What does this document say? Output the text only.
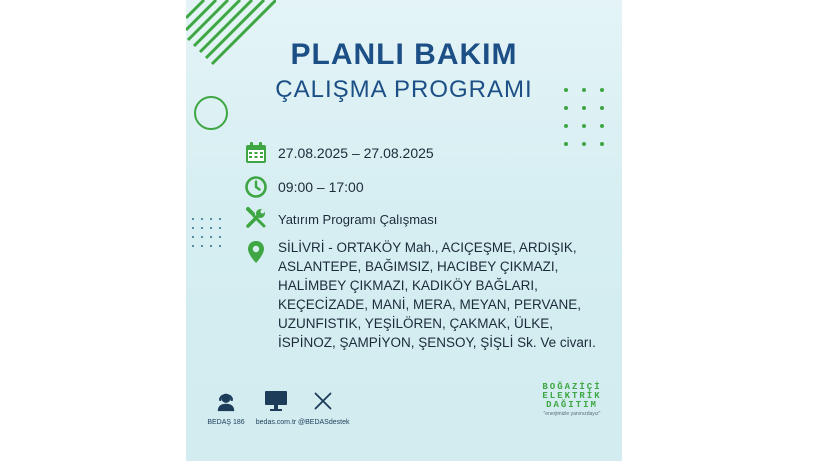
PLANLI BAKIM
ÇALIŞMA PROGRAMI
27.08.2025 – 27.08.2025
09:00 – 17:00
Yatırım Programı Çalışması
SİLİVRİ - ORTAKÖY Mah., ACIÇEŞME, ARDIŞIK,
ASLANTEPE, BAĞIMSIZ, HACIBEY ÇIKMAZI,
HALİMBEY ÇIKMAZI, KADIKÖY BAĞLARI,
KEÇECİZADE, MANİ, MERA, MEYAN, PERVANE,
UZUNFISTIK, YEŞİLÖREN, ÇAKMAK, ÜLKE,
İSPİNOZ, ŞAMPİYON, ŞENSOY, ŞİŞLİ Sk. Ve civarı.
BEDAŞ 186	bedas.com.tr @BEDASdestek
BOĞAZİÇİ
ELEKTRİK
DAĞITIM
"enerjimizle yanınızdayız"
